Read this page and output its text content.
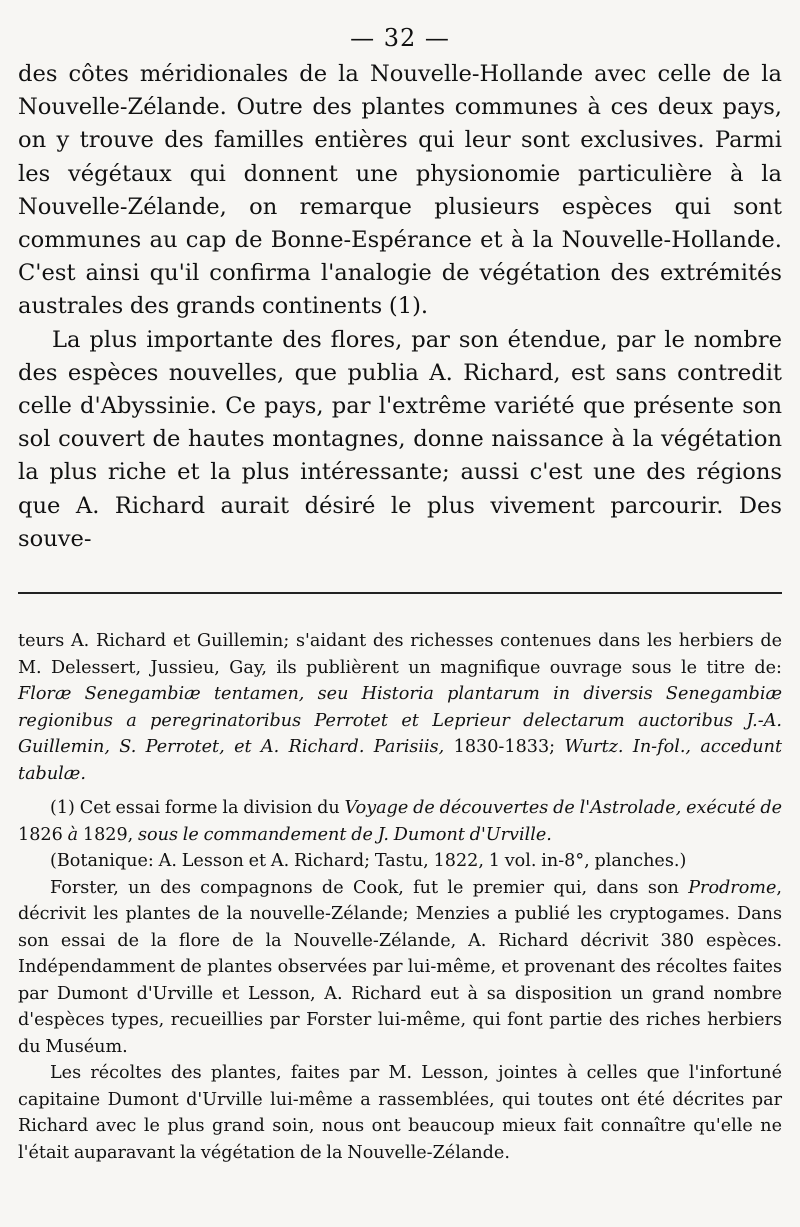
— 32 —

des côtes méridionales de la Nouvelle-Hollande avec celle de la Nouvelle-Zélande. Outre des plantes communes à ces deux pays, on y trouve des familles entières qui leur sont exclusives. Parmi les végétaux qui donnent une physionomie particulière à la Nouvelle-Zélande, on remarque plusieurs espèces qui sont communes au cap de Bonne-Espérance et à la Nouvelle-Hollande. C'est ainsi qu'il confirma l'analogie de végétation des extrémités australes des grands continents (1).

La plus importante des flores, par son étendue, par le nombre des espèces nouvelles, que publia A. Richard, est sans contredit celle d'Abyssinie. Ce pays, par l'extrême variété que présente son sol couvert de hautes montagnes, donne naissance à la végétation la plus riche et la plus intéressante; aussi c'est une des régions que A. Richard aurait désiré le plus vivement parcourir. Des souve-

teurs A. Richard et Guillemin; s'aidant des richesses contenues dans les herbiers de M. Delessert, Jussieu, Gay, ils publièrent un magnifique ouvrage sous le titre de: Floræ Senegambiæ tentamen, seu Historia plantarum in diversis Senegambiæ regionibus a peregrinatoribus Perrotet et Leprieur delectarum auctoribus J.-A. Guillemin, S. Perrotet, et A. Richard. Parisiis, 1830-1833; Wurtz. In-fol., accedunt tabulæ.

(1) Cet essai forme la division du Voyage de découvertes de l'Astrolade, exécuté de 1826 à 1829, sous le commandement de J. Dumont d'Urville.

(Botanique: A. Lesson et A. Richard; Tastu, 1822, 1 vol. in-8°, planches.)

Forster, un des compagnons de Cook, fut le premier qui, dans son Prodrome, décrivit les plantes de la nouvelle-Zélande; Menzies a publié les cryptogames. Dans son essai de la flore de la Nouvelle-Zélande, A. Richard décrivit 380 espèces. Indépendamment de plantes observées par lui-même, et provenant des récoltes faites par Dumont d'Urville et Lesson, A. Richard eut à sa disposition un grand nombre d'espèces types, recueillies par Forster lui-même, qui font partie des riches herbiers du Muséum.

Les récoltes des plantes, faites par M. Lesson, jointes à celles que l'infortuné capitaine Dumont d'Urville lui-même a rassemblées, qui toutes ont été décrites par Richard avec le plus grand soin, nous ont beaucoup mieux fait connaître qu'elle ne l'était auparavant la végétation de la Nouvelle-Zélande.
